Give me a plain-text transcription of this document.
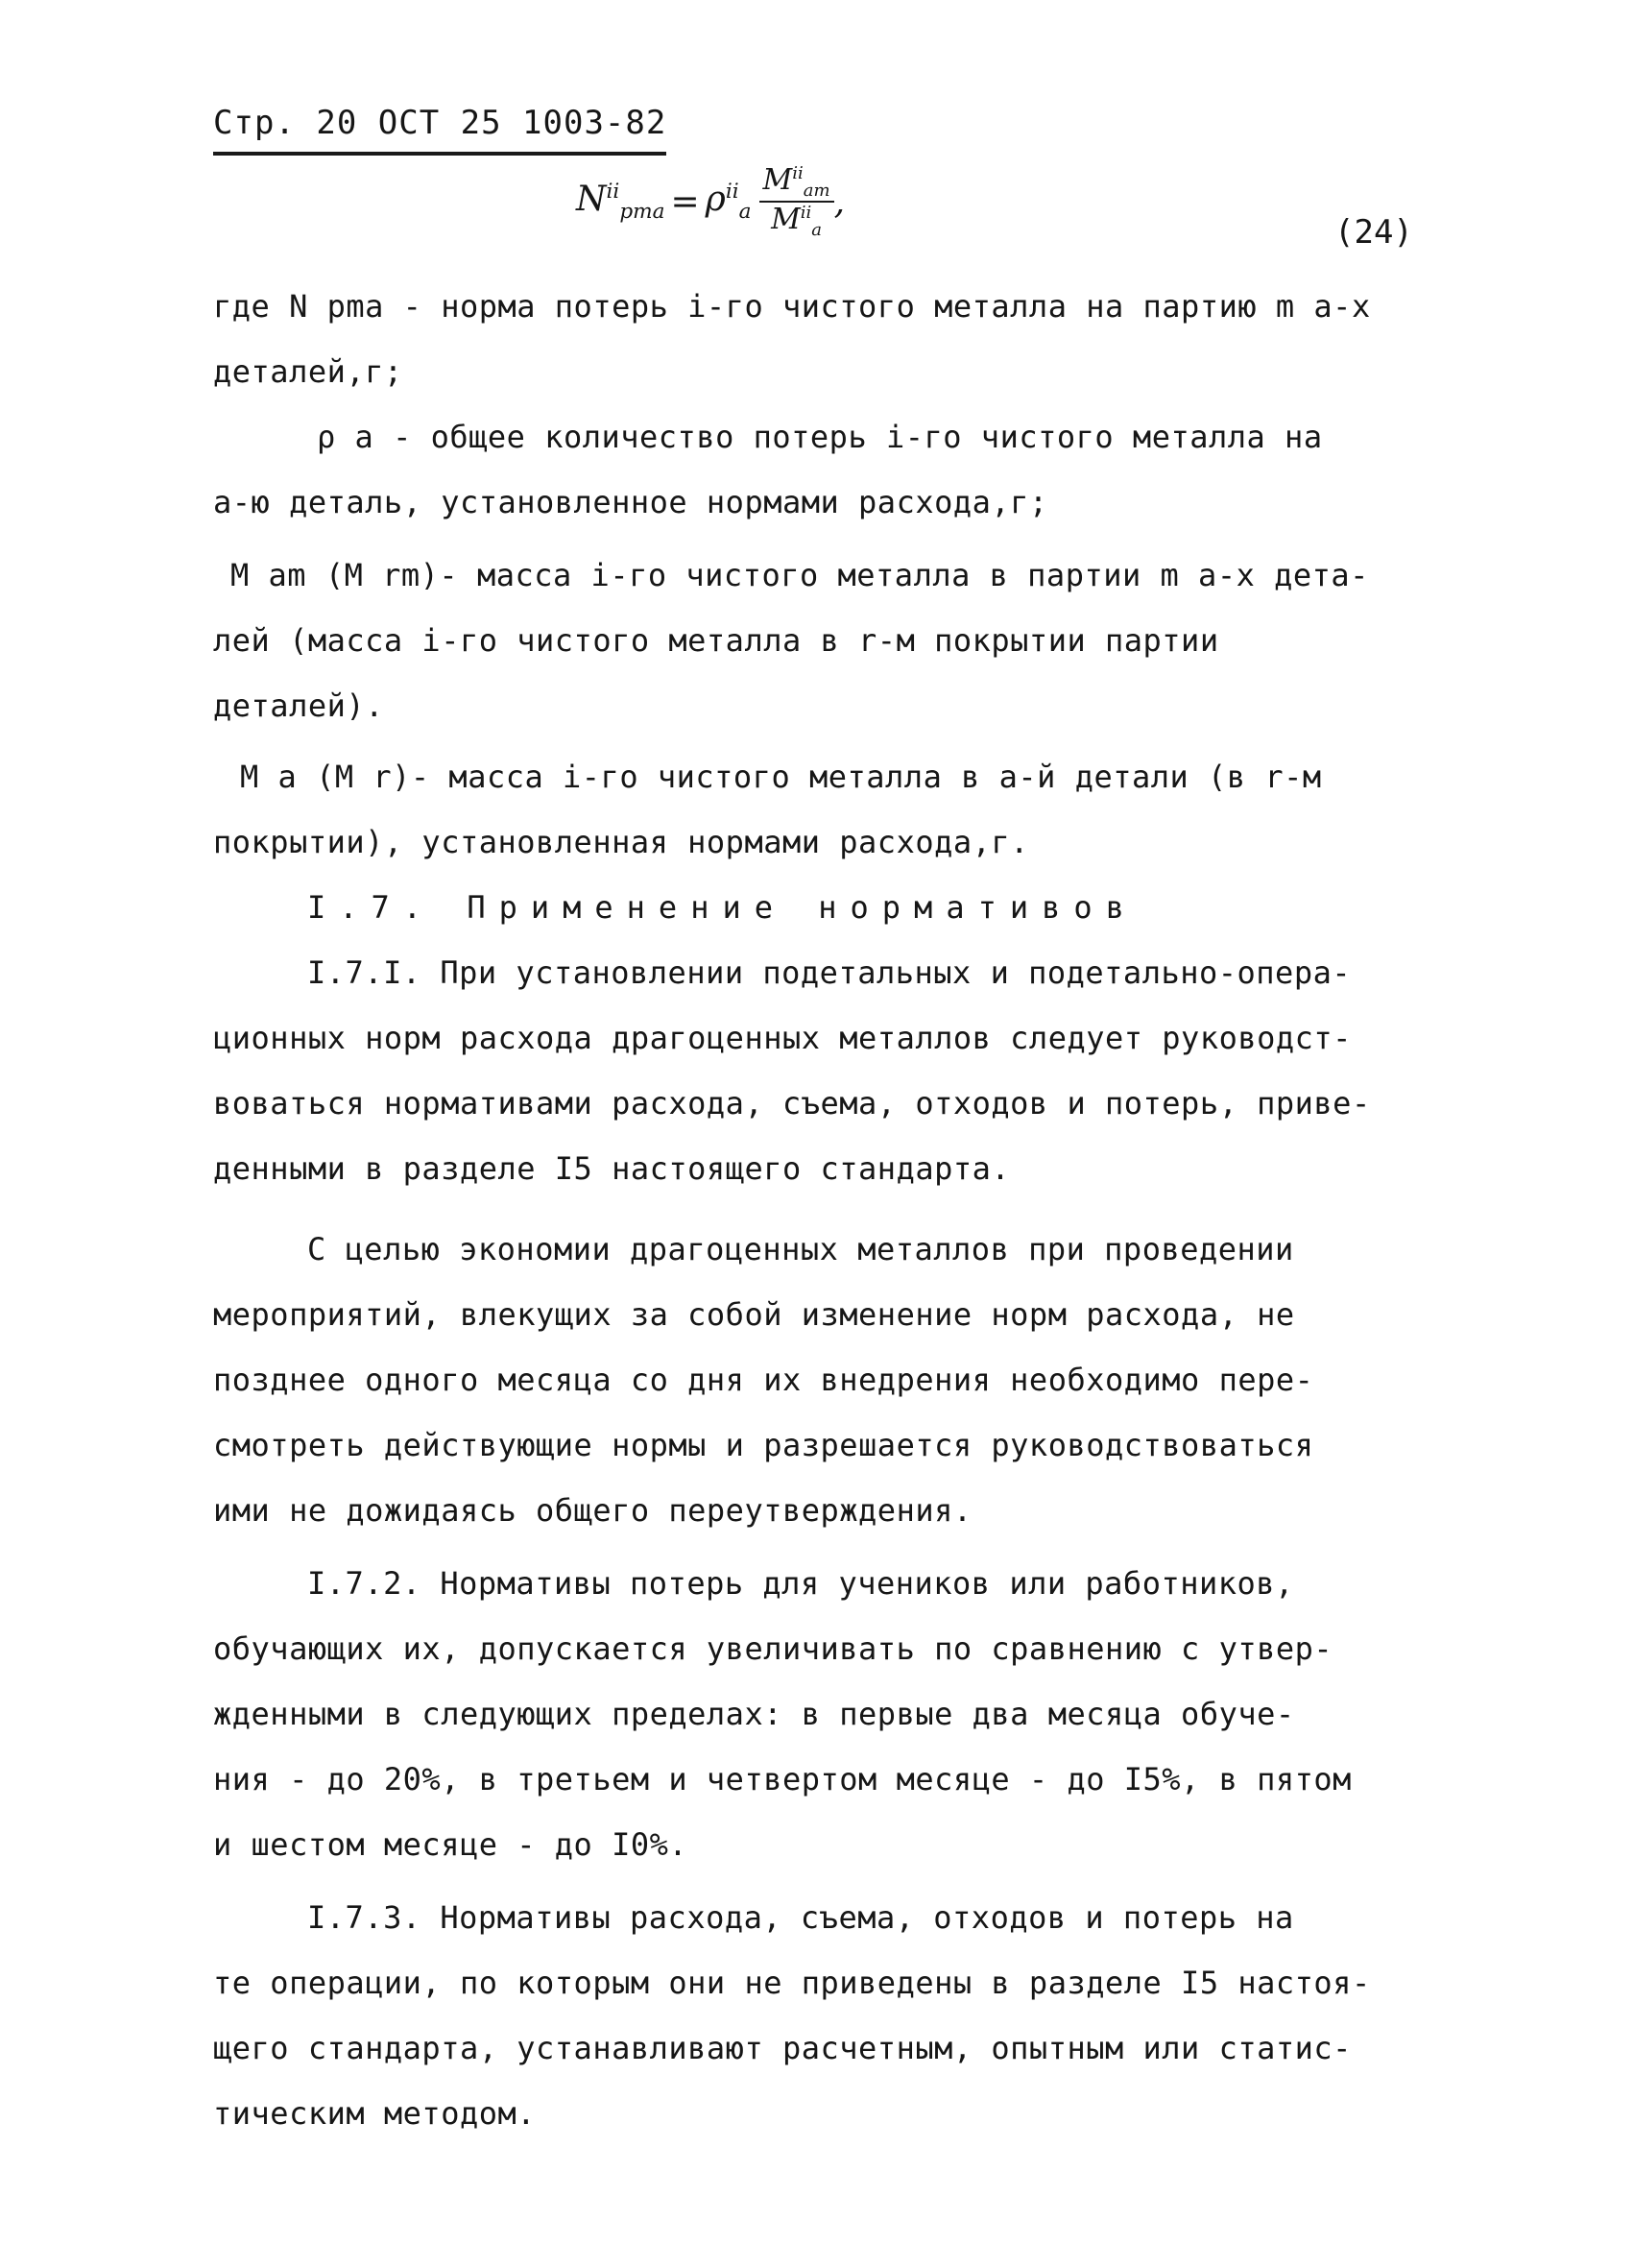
Стр. 20 ОСТ 25 1003-82
$N^{ii}_{pma} = \rho^{ii}_a \frac{M^{ii}_{am}}{M^{ii}_a}$ ,
(24)
где N pma - норма потерь i-го чистого металла на партию m a-х
деталей,г;
ρ a - общее количество потерь i-го чистого металла на
a-ю деталь, установленное нормами расхода,г;
M am (M rm)- масса i-го чистого металла в партии m a-х дета-
лей (масса i-го чистого металла в r-м покрытии партии
деталей).
M a (M r)- масса i-го чистого металла в a-й детали (в r-м
покрытии), установленная нормами расхода,г.
I.7. Применение нормативов
I.7.I. При установлении подетальных и подетально-опера-
ционных норм расхода драгоценных металлов следует руководст-
воваться нормативами расхода, съема, отходов и потерь, приве-
денными в разделе I5 настоящего стандарта.
С целью экономии драгоценных металлов при проведении
мероприятий, влекущих за собой изменение норм расхода, не
позднее одного месяца со дня их внедрения необходимо пере-
смотреть действующие нормы и разрешается руководствоваться
ими не дожидаясь общего переутверждения.
I.7.2. Нормативы потерь для учеников или работников,
обучающих их, допускается увеличивать по сравнению с утвер-
жденными в следующих пределах: в первые два месяца обуче-
ния - до 20%, в третьем и четвертом месяце - до I5%, в пятом
и шестом месяце - до I0%.
I.7.3. Нормативы расхода, съема, отходов и потерь на
те операции, по которым они не приведены в разделе I5 настоя-
щего стандарта, устанавливают расчетным, опытным или статис-
тическим методом.
